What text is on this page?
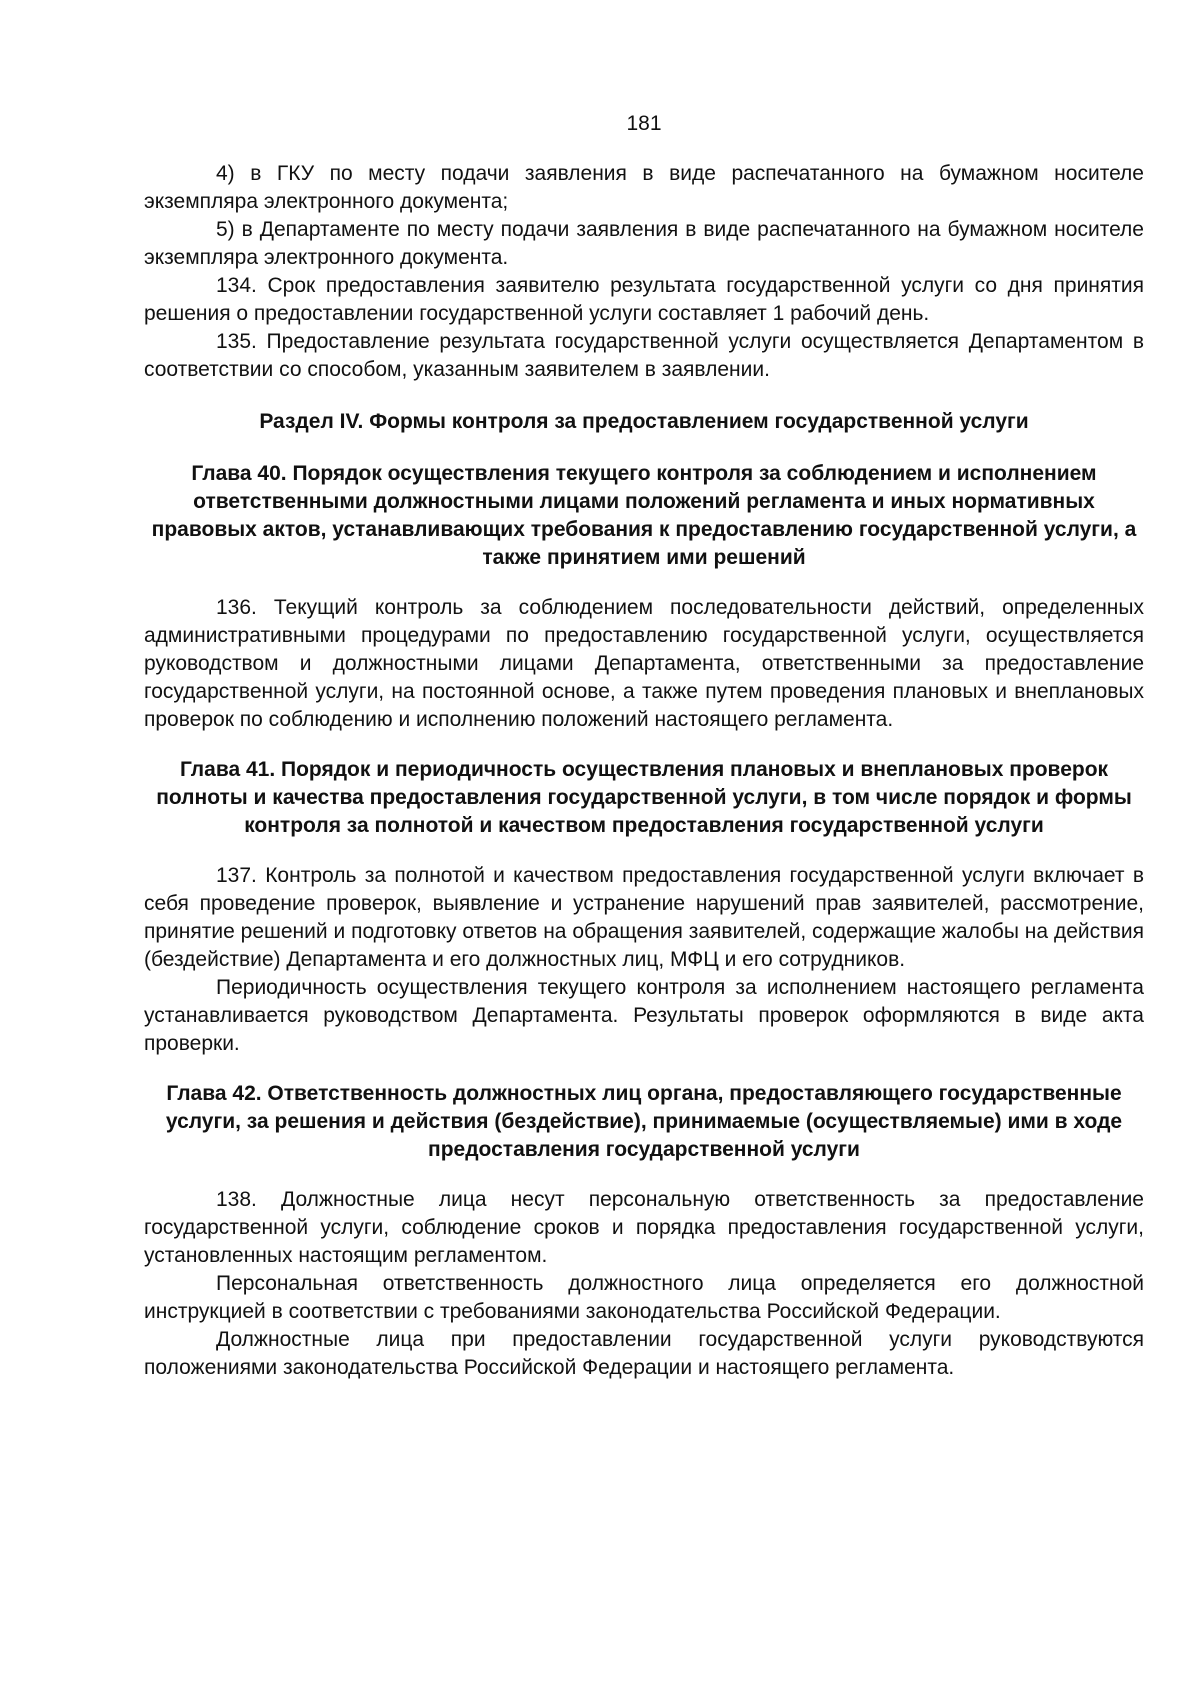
181

4) в ГКУ по месту подачи заявления в виде распечатанного на бумажном носителе экземпляра электронного документа;

5) в Департаменте по месту подачи заявления в виде распечатанного на бумажном носителе экземпляра электронного документа.

134. Срок предоставления заявителю результата государственной услуги со дня принятия решения о предоставлении государственной услуги составляет 1 рабочий день.

135. Предоставление результата государственной услуги осуществляется Департаментом в соответствии со способом, указанным заявителем в заявлении.

Раздел IV. Формы контроля за предоставлением государственной услуги
Глава 40. Порядок осуществления текущего контроля за соблюдением и исполнением ответственными должностными лицами положений регламента и иных нормативных правовых актов, устанавливающих требования к предоставлению государственной услуги, а также принятием ими решений

136. Текущий контроль за соблюдением последовательности действий, определенных административными процедурами по предоставлению государственной услуги, осуществляется руководством и должностными лицами Департамента, ответственными за предоставление государственной услуги, на постоянной основе, а также путем проведения плановых и внеплановых проверок по соблюдению и исполнению положений настоящего регламента.

Глава 41. Порядок и периодичность осуществления плановых и внеплановых проверок полноты и качества предоставления государственной услуги, в том числе порядок и формы контроля за полнотой и качеством предоставления государственной услуги

137. Контроль за полнотой и качеством предоставления государственной услуги включает в себя проведение проверок, выявление и устранение нарушений прав заявителей, рассмотрение, принятие решений и подготовку ответов на обращения заявителей, содержащие жалобы на действия (бездействие) Департамента и его должностных лиц, МФЦ и его сотрудников.

Периодичность осуществления текущего контроля за исполнением настоящего регламента устанавливается руководством Департамента. Результаты проверок оформляются в виде акта проверки.

Глава 42. Ответственность должностных лиц органа, предоставляющего государственные услуги, за решения и действия (бездействие), принимаемые (осуществляемые) ими в ходе предоставления государственной услуги

138. Должностные лица несут персональную ответственность за предоставление государственной услуги, соблюдение сроков и порядка предоставления государственной услуги, установленных настоящим регламентом.

Персональная ответственность должностного лица определяется его должностной инструкцией в соответствии с требованиями законодательства Российской Федерации.

Должностные лица при предоставлении государственной услуги руководствуются положениями законодательства Российской Федерации и настоящего регламента.
